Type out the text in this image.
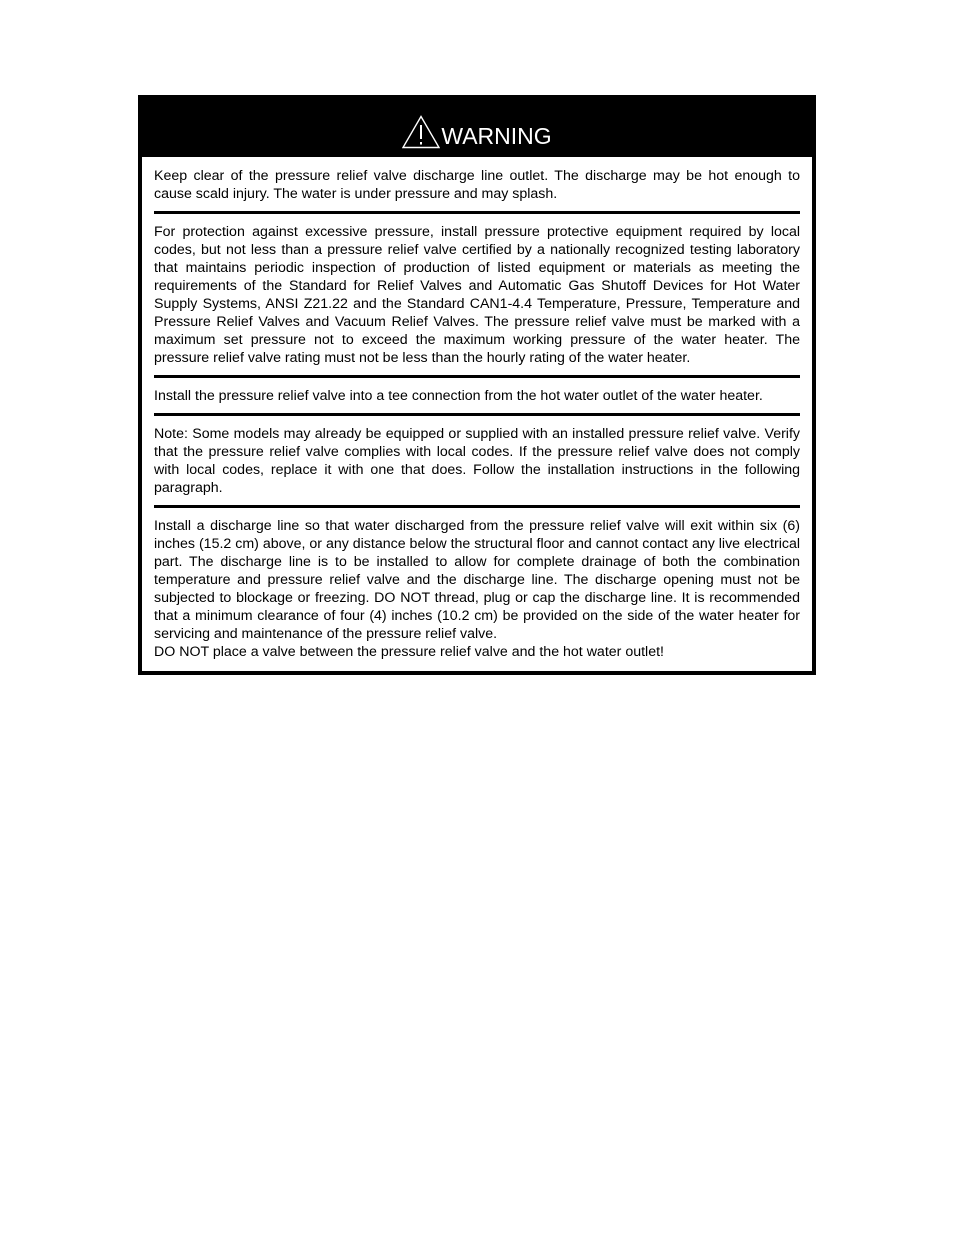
WARNING

Keep clear of the pressure relief valve discharge line outlet. The discharge may be hot enough to cause scald injury. The water is under pressure and may splash.

For protection against excessive pressure, install pressure protective equipment required by local codes, but not less than a pressure relief valve certified by a nationally recognized testing laboratory that maintains periodic inspection of production of listed equipment or materials as meeting the requirements of the Standard for Relief Valves and Automatic Gas Shutoff Devices for Hot Water Supply Systems, ANSI Z21.22 and the Standard CAN1-4.4 Temperature, Pressure, Temperature and Pressure Relief Valves and Vacuum Relief Valves. The pressure relief valve must be marked with a maximum set pressure not to exceed the maximum working pressure of the water heater. The pressure relief valve rating must not be less than the hourly rating of the water heater.

Install the pressure relief valve into a tee connection from the hot water outlet of the water heater.

Note: Some models may already be equipped or supplied with an installed pressure relief valve. Verify that the pressure relief valve complies with local codes. If the pressure relief valve does not comply with local codes, replace it with one that does. Follow the installation instructions in the following paragraph.

Install a discharge line so that water discharged from the pressure relief valve will exit within six (6) inches (15.2 cm) above, or any distance below the structural floor and cannot contact any live electrical part. The discharge line is to be installed to allow for complete drainage of both the combination temperature and pressure relief valve and the discharge line. The discharge opening must not be subjected to blockage or freezing. DO NOT thread, plug or cap the discharge line. It is recommended that a minimum clearance of four (4) inches (10.2 cm) be provided on the side of the water heater for servicing and maintenance of the pressure relief valve.

DO NOT place a valve between the pressure relief valve and the hot water outlet!
